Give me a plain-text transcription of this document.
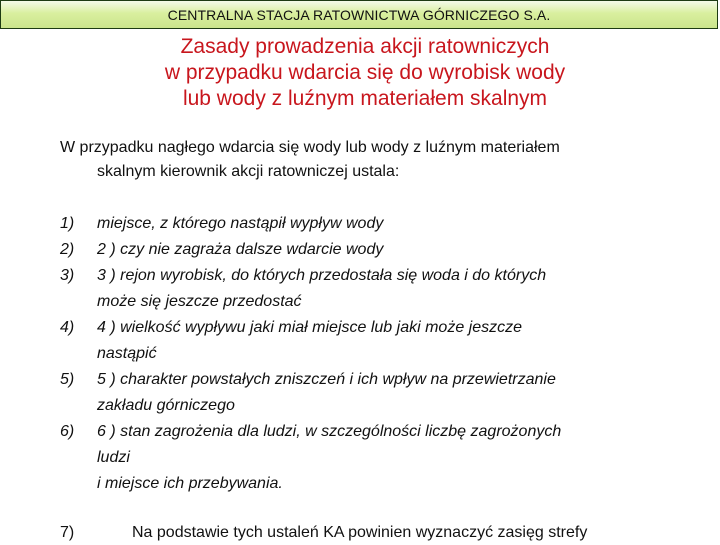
CENTRALNA STACJA RATOWNICTWA GÓRNICZEGO S.A.
Zasady prowadzenia akcji ratowniczych
w przypadku wdarcia się do wyrobisk wody
lub wody z luźnym materiałem skalnym
W przypadku nagłego wdarcia się wody lub wody z luźnym materiałem
skalnym kierownik akcji ratowniczej ustala:
1)	miejsce, z którego nastąpił wypływ wody
2)	2 ) czy nie zagraża dalsze wdarcie wody
3)	3 ) rejon wyrobisk, do których przedostała się woda i do których
może się jeszcze przedostać
4)	4 ) wielkość wypływu jaki miał miejsce lub jaki może jeszcze
nastąpić
5)	5 ) charakter powstałych zniszczeń i ich wpływ na przewietrzanie
zakładu górniczego
6)	6 ) stan zagrożenia dla ludzi, w szczególności liczbę zagrożonych
ludzi
i miejsce ich przebywania.
7)	Na podstawie tych ustaleń KA powinien wyznaczyć zasięg strefy
